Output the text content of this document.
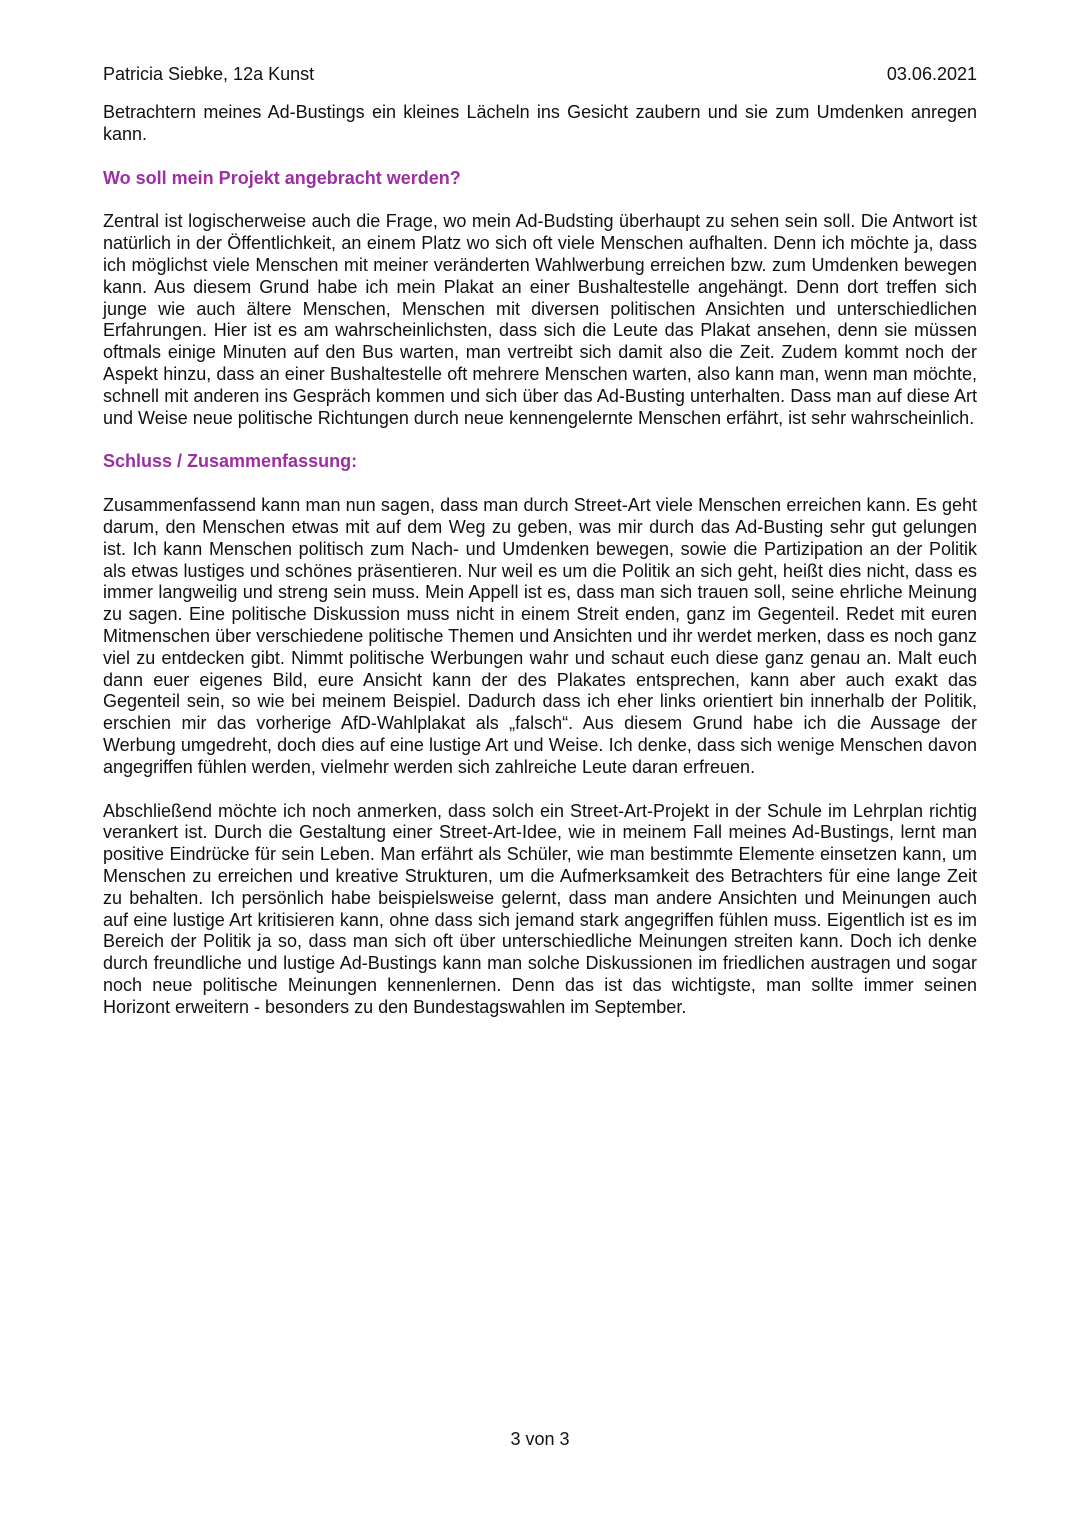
Patricia Siebke, 12a Kunst	03.06.2021

Betrachtern meines Ad-Bustings ein kleines Lächeln ins Gesicht zaubern und sie zum Umdenken anregen kann.

Wo soll mein Projekt angebracht werden?

Zentral ist logischerweise auch die Frage, wo mein Ad-Budsting überhaupt zu sehen sein soll. Die Antwort ist natürlich in der Öffentlichkeit, an einem Platz wo sich oft viele Menschen aufhalten. Denn ich möchte ja, dass ich möglichst viele Menschen mit meiner veränderten Wahlwerbung erreichen bzw. zum Umdenken bewegen kann. Aus diesem Grund habe ich mein Plakat an einer Bushaltestelle angehängt. Denn dort treffen sich junge wie auch ältere Menschen, Menschen mit diversen politischen Ansichten und unterschiedlichen Erfahrungen. Hier ist es am wahrscheinlichsten, dass sich die Leute das Plakat ansehen, denn sie müssen oftmals einige Minuten auf den Bus warten, man vertreibt sich damit also die Zeit. Zudem kommt noch der Aspekt hinzu, dass an einer Bushaltestelle oft mehrere Menschen warten, also kann man, wenn man möchte, schnell mit anderen ins Gespräch kommen und sich über das Ad-Busting unterhalten. Dass man auf diese Art und Weise neue politische Richtungen durch neue kennengelernte Menschen erfährt, ist sehr wahrscheinlich.

Schluss / Zusammenfassung:

Zusammenfassend kann man nun sagen, dass man durch Street-Art viele Menschen erreichen kann. Es geht darum, den Menschen etwas mit auf dem Weg zu geben, was mir durch das Ad-Busting sehr gut gelungen ist. Ich kann Menschen politisch zum Nach- und Umdenken bewegen, sowie die Partizipation an der Politik als etwas lustiges und schönes präsentieren. Nur weil es um die Politik an sich geht, heißt dies nicht, dass es immer langweilig und streng sein muss. Mein Appell ist es, dass man sich trauen soll, seine ehrliche Meinung zu sagen. Eine politische Diskussion muss nicht in einem Streit enden, ganz im Gegenteil. Redet mit euren Mitmenschen über verschiedene politische Themen und Ansichten und ihr werdet merken, dass es noch ganz viel zu entdecken gibt. Nimmt politische Werbungen wahr und schaut euch diese ganz genau an. Malt euch dann euer eigenes Bild, eure Ansicht kann der des Plakates entsprechen, kann aber auch exakt das Gegenteil sein, so wie bei meinem Beispiel. Dadurch dass ich eher links orientiert bin innerhalb der Politik, erschien mir das vorherige AfD-Wahlplakat als „falsch“. Aus diesem Grund habe ich die Aussage der Werbung umgedreht, doch dies auf eine lustige Art und Weise. Ich denke, dass sich wenige Menschen davon angegriffen fühlen werden, vielmehr werden sich zahlreiche Leute daran erfreuen.

Abschließend möchte ich noch anmerken, dass solch ein Street-Art-Projekt in der Schule im Lehrplan richtig verankert ist. Durch die Gestaltung einer Street-Art-Idee, wie in meinem Fall meines Ad-Bustings, lernt man positive Eindrücke für sein Leben. Man erfährt als Schüler, wie man bestimmte Elemente einsetzen kann, um Menschen zu erreichen und kreative Strukturen, um die Aufmerksamkeit des Betrachters für eine lange Zeit zu behalten. Ich persönlich habe beispielsweise gelernt, dass man andere Ansichten und Meinungen auch auf eine lustige Art kritisieren kann, ohne dass sich jemand stark angegriffen fühlen muss. Eigentlich ist es im Bereich der Politik ja so, dass man sich oft über unterschiedliche Meinungen streiten kann. Doch ich denke durch freundliche und lustige Ad-Bustings kann man solche Diskussionen im friedlichen austragen und sogar noch neue politische Meinungen kennenlernen. Denn das ist das wichtigste, man sollte immer seinen Horizont erweitern - besonders zu den Bundestagswahlen im September.

3 von 3
